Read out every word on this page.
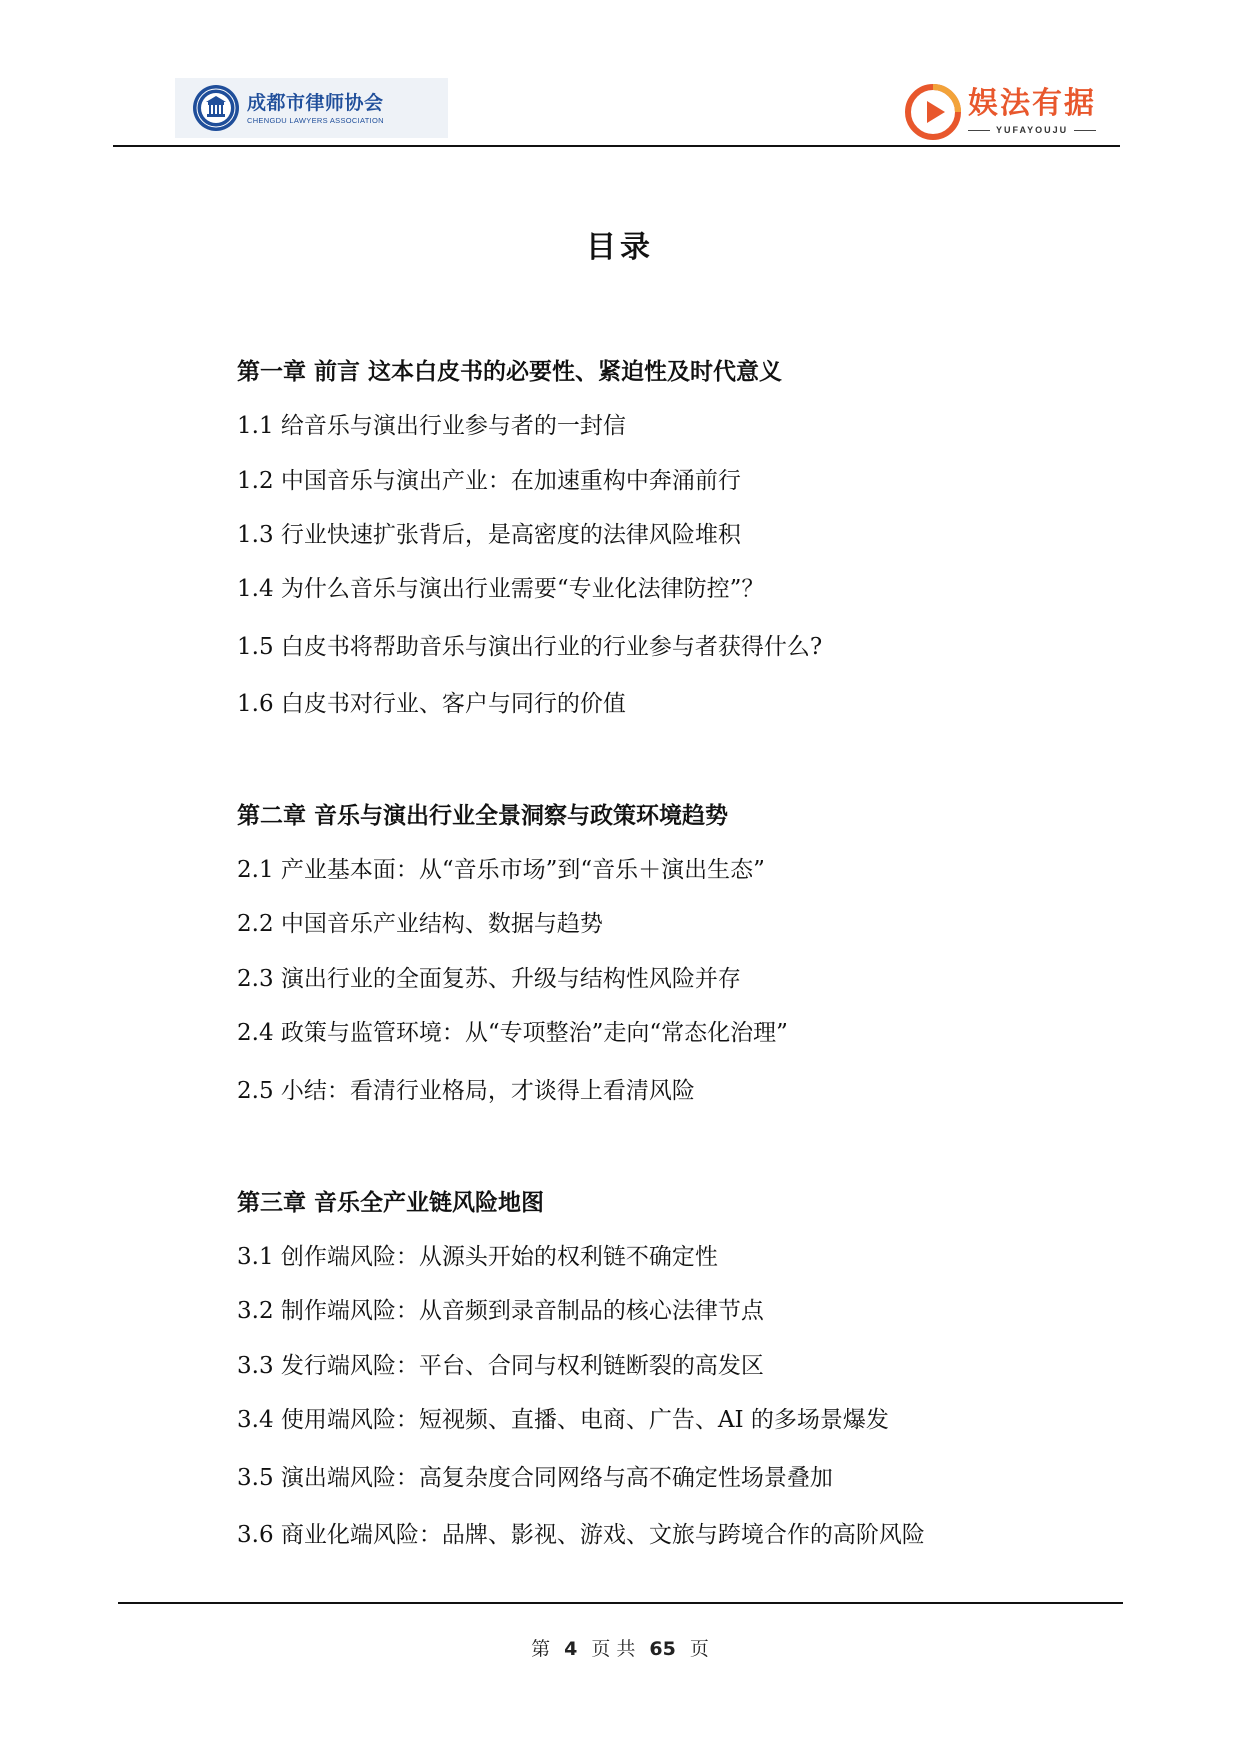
成都市律师协会
CHENGDU LAWYERS ASSOCIATION	娱法有据
YUFAYOUJU
目录
第一章 前言 这本白皮书的必要性、紧迫性及时代意义
1.1 给音乐与演出行业参与者的一封信
1.2 中国音乐与演出产业：在加速重构中奔涌前行
1.3 行业快速扩张背后，是高密度的法律风险堆积
1.4 为什么音乐与演出行业需要“专业化法律防控”？
1.5 白皮书将帮助音乐与演出行业的行业参与者获得什么?
1.6 白皮书对行业、客户与同行的价值
第二章 音乐与演出行业全景洞察与政策环境趋势
2.1 产业基本面：从“音乐市场”到“音乐＋演出生态”
2.2 中国音乐产业结构、数据与趋势
2.3 演出行业的全面复苏、升级与结构性风险并存
2.4 政策与监管环境：从“专项整治”走向“常态化治理”
2.5 小结：看清行业格局，才谈得上看清风险
第三章 音乐全产业链风险地图
3.1 创作端风险：从源头开始的权利链不确定性
3.2 制作端风险：从音频到录音制品的核心法律节点
3.3 发行端风险：平台、合同与权利链断裂的高发区
3.4 使用端风险：短视频、直播、电商、广告、AI 的多场景爆发
3.5 演出端风险：高复杂度合同网络与高不确定性场景叠加
3.6 商业化端风险：品牌、影视、游戏、文旅与跨境合作的高阶风险
第 4 页 共 65 页
